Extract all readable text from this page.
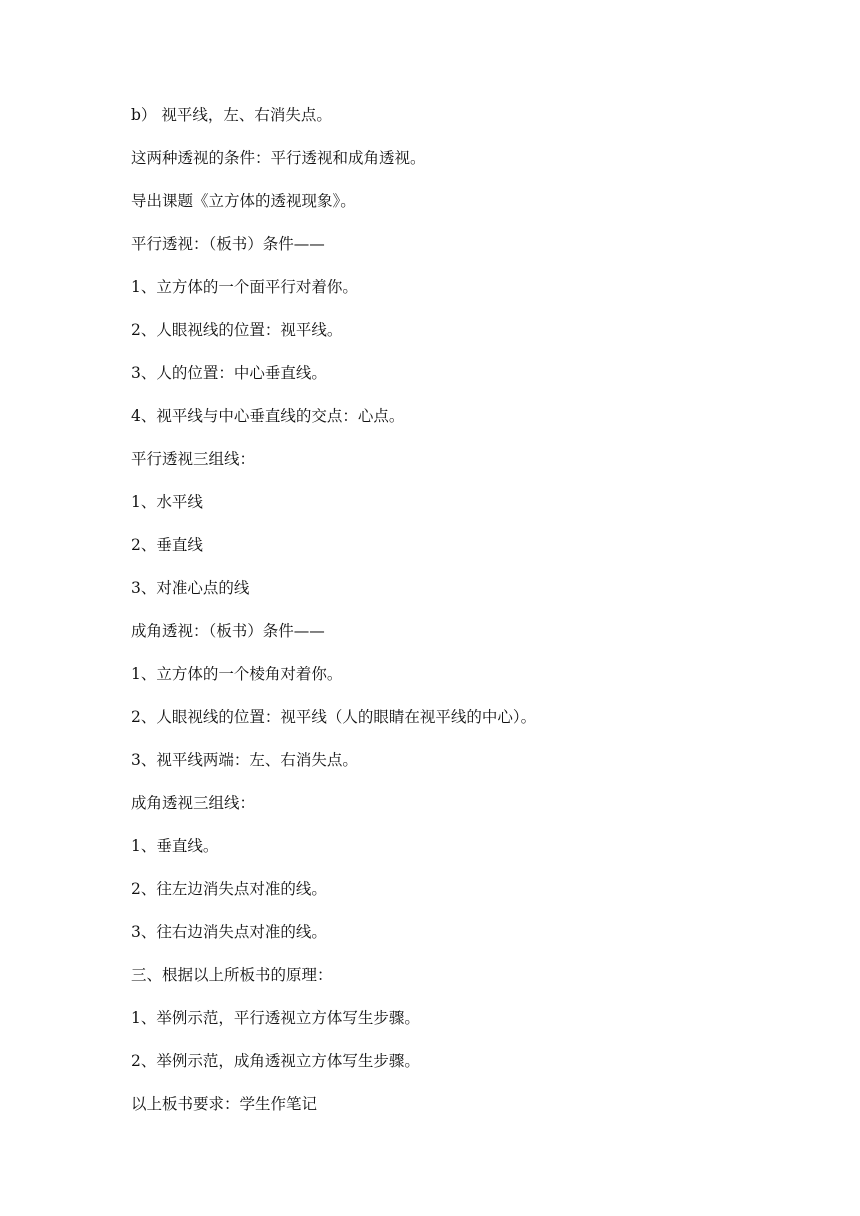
b） 视平线，左、右消失点。
这两种透视的条件：平行透视和成角透视。
导出课题《立方体的透视现象》。
平行透视：（板书）条件——
1、立方体的一个面平行对着你。
2、人眼视线的位置：视平线。
3、人的位置：中心垂直线。
4、视平线与中心垂直线的交点：心点。
平行透视三组线：
1、水平线
2、垂直线
3、对准心点的线
成角透视：（板书）条件——
1、立方体的一个棱角对着你。
2、人眼视线的位置：视平线（人的眼睛在视平线的中心）。
3、视平线两端：左、右消失点。
成角透视三组线：
1、垂直线。
2、往左边消失点对准的线。
3、往右边消失点对准的线。
三、根据以上所板书的原理：
1、举例示范，平行透视立方体写生步骤。
2、举例示范，成角透视立方体写生步骤。
以上板书要求：学生作笔记
